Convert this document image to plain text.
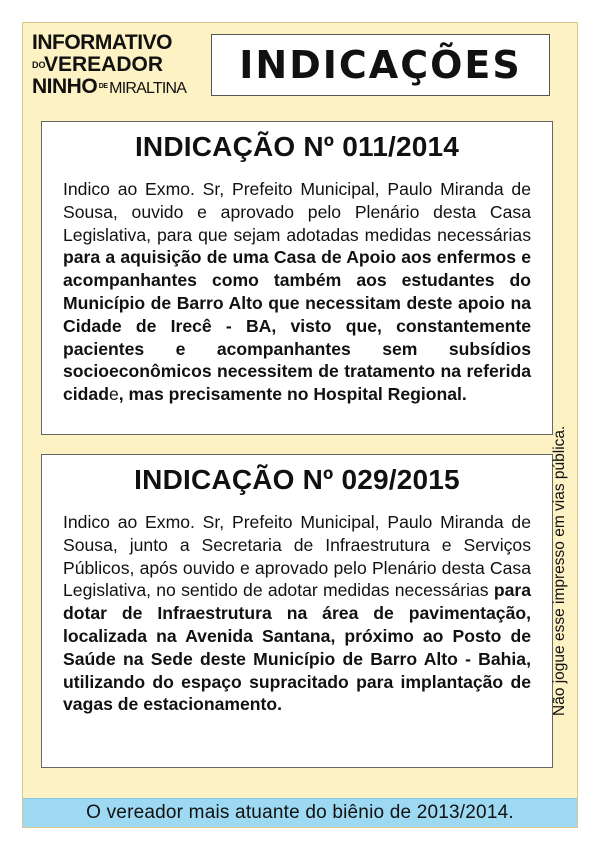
INFORMATIVO
DOVEREADOR
NINHO DE MIRALTINA
INDICAÇÕES
INDICAÇÃO Nº 011/2014

Indico ao Exmo. Sr, Prefeito Municipal, Paulo Miranda de Sousa, ouvido e aprovado pelo Plenário desta Casa Legislativa, para que sejam adotadas medidas necessárias para a aquisição de uma Casa de Apoio aos enfermos e acompanhantes como também aos estudantes do Município de Barro Alto que necessitam deste apoio na Cidade de Irecê - BA, visto que, constantemente pacientes e acompanhantes sem subsídios socioeconômicos necessitem de tratamento na referida cidade, mas precisamente no Hospital Regional.

INDICAÇÃO Nº 029/2015

Indico ao Exmo. Sr, Prefeito Municipal, Paulo Miranda de Sousa, junto a Secretaria de Infraestrutura e Serviços Públicos, após ouvido e aprovado pelo Plenário desta Casa Legislativa, no sentido de adotar medidas necessárias para dotar de Infraestrutura na área de pavimentação, localizada na Avenida Santana, próximo ao Posto de Saúde na Sede deste Município de Barro Alto - Bahia, utilizando do espaço supracitado para implantação de vagas de estacionamento.	Não jogue esse impresso em vias pública.
O vereador mais atuante do biênio de 2013/2014.
